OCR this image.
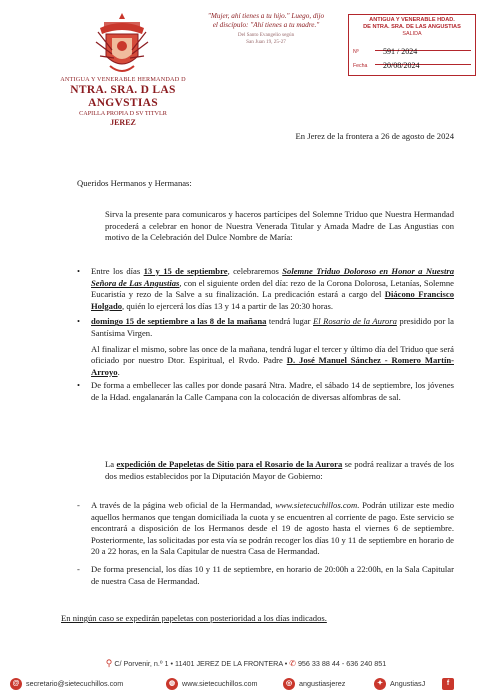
ANTIGUA Y VENERABLE HERMANDAD D
NTRA. SRA. D LAS ANGVSTIAS
CAPILLA PROPIA D SV TITVLR
JEREZ
"Mujer, ahí tienes a tu hijo." Luego, dijo el discípulo: "Ahí tienes a tu madre."
Del Santo Evangelio según
San Juan 19, 25-27
ANTIGUA Y VENERABLE HDAD.
DE NTRA. SRA. DE LAS ANGUSTIAS
SALIDA
Nº	591 / 2024
Fecha 20/08/2024
En Jerez de la frontera a 26 de agosto de 2024
Queridos Hermanos y Hermanas:
Sirva la presente para comunicaros y haceros partícipes del Solemne Triduo que Nuestra Hermandad procederá a celebrar en honor de Nuestra Venerada Titular y Amada Madre de Las Angustias con motivo de la Celebración del Dulce Nombre de María:
• Entre los días 13 y 15 de septiembre, celebraremos Solemne Triduo Doloroso en Honor a Nuestra Señora de Las Angustias, con el siguiente orden del día: rezo de la Corona Dolorosa, Letanías, Solemne Eucaristía y rezo de la Salve a su finalización. La predicación estará a cargo del Diácono Francisco Holgado, quién lo ejercerá los días 13 y 14 a partir de las 20:30 horas.
• domingo 15 de septiembre a las 8 de la mañana tendrá lugar El Rosario de la Aurora presidido por la Santísima Virgen.
Al finalizar el mismo, sobre las once de la mañana, tendrá lugar el tercer y último día del Triduo que será oficiado por nuestro Dtor. Espiritual, el Rvdo. Padre D. José Manuel Sánchez - Romero Martín-Arroyo.
• De forma a embellecer las calles por donde pasará Ntra. Madre, el sábado 14 de septiembre, los jóvenes de la Hdad. engalanarán la Calle Campana con la colocación de diversas alfombras de sal.
La expedición de Papeletas de Sitio para el Rosario de la Aurora se podrá realizar a través de los dos medios establecidos por la Diputación Mayor de Gobierno:
- A través de la página web oficial de la Hermandad, www.sietecuchillos.com. Podrán utilizar este medio aquellos hermanos que tengan domiciliada la cuota y se encuentren al corriente de pago. Este servicio se encontrará a disposición de los Hermanos desde el 19 de agosto hasta el viernes 6 de septiembre. Posteriormente, las solicitadas por esta vía se podrán recoger los días 10 y 11 de septiembre en horario de 20 a 22 horas, en la Sala Capitular de nuestra Casa de Hermandad.
- De forma presencial, los días 10 y 11 de septiembre, en horario de 20:00h a 22:00h, en la Sala Capitular de nuestra Casa de Hermandad.
En ningún caso se expedirán papeletas con posterioridad a los días indicados.
⚲ C/ Porvenir, n.º 1 • 11401 JEREZ DE LA FRONTERA • ✆ 956 33 88 44 - 636 240 851
@ secretario@sietecuchillos.com	◍ www.sietecuchillos.com	◎ angustiasjerez	✦ AngustiasJ	f
